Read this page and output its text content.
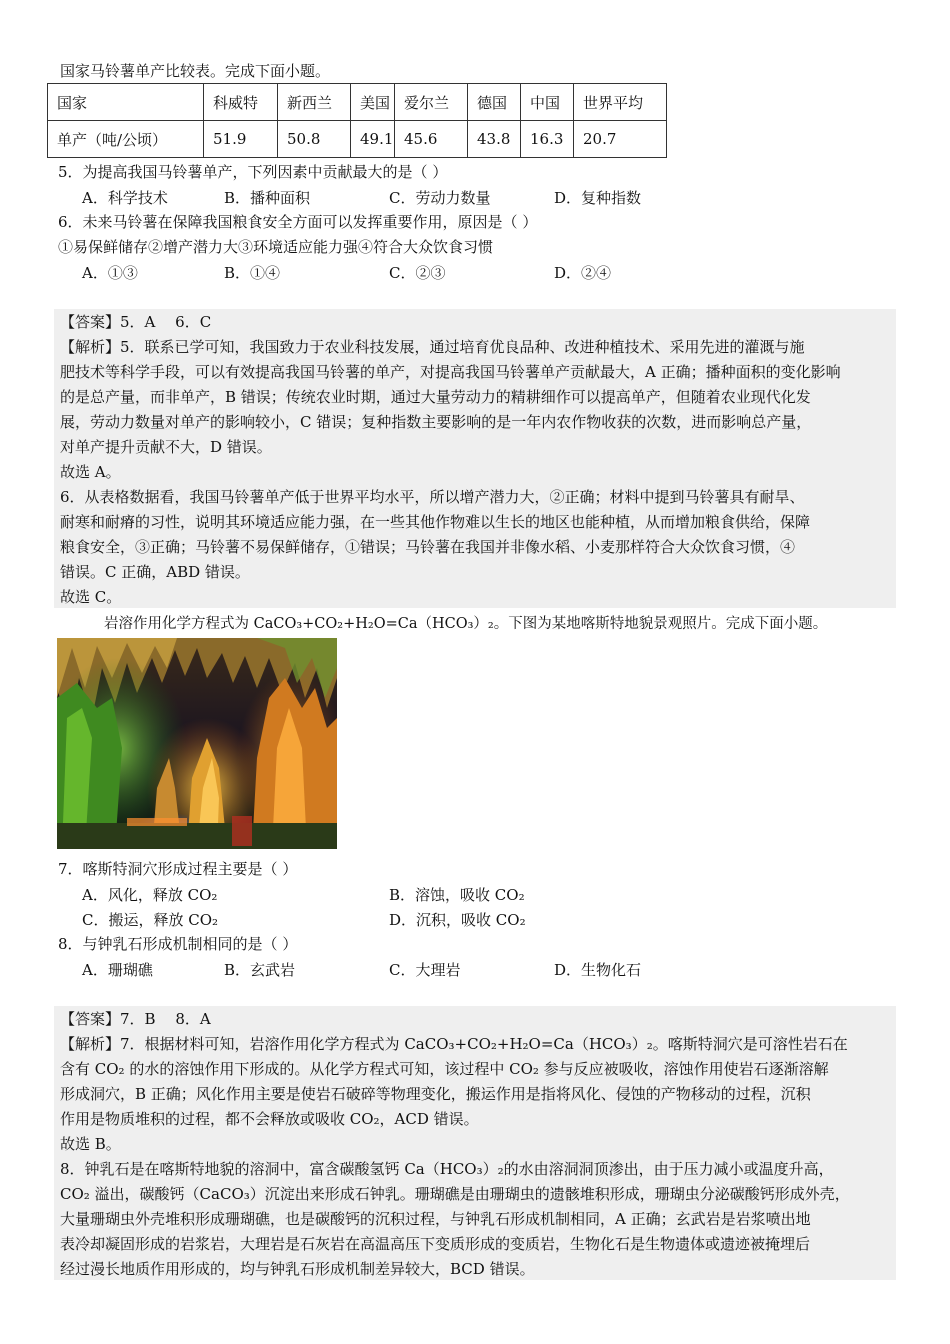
国家马铃薯单产比较表。完成下面小题。
国家	科威特	新西兰	美国	爱尔兰	德国	中国	世界平均
单产（吨/公顷）	51.9	50.8	49.1	45.6	43.8	16.3	20.7
5．为提高我国马铃薯单产，下列因素中贡献最大的是（ ）
A．科学技术	B．播种面积	C．劳动力数量	D．复种指数
6．未来马铃薯在保障我国粮食安全方面可以发挥重要作用，原因是（ ）
①易保鲜储存②增产潜力大③环境适应能力强④符合大众饮食习惯
A．①③	B．①④	C．②③	D．②④
【答案】5．A　 6．C
【解析】5．联系已学可知，我国致力于农业科技发展，通过培育优良品种、改进种植技术、采用先进的灌溉与施
肥技术等科学手段，可以有效提高我国马铃薯的单产，对提高我国马铃薯单产贡献最大，A 正确；播种面积的变化影响
的是总产量，而非单产，B 错误；传统农业时期，通过大量劳动力的精耕细作可以提高单产，但随着农业现代化发
展，劳动力数量对单产的影响较小，C 错误；复种指数主要影响的是一年内农作物收获的次数，进而影响总产量，
对单产提升贡献不大，D 错误。
故选 A。
6．从表格数据看，我国马铃薯单产低于世界平均水平，所以增产潜力大，②正确；材料中提到马铃薯具有耐旱、
耐寒和耐瘠的习性，说明其环境适应能力强，在一些其他作物难以生长的地区也能种植，从而增加粮食供给，保障
粮食安全，③正确；马铃薯不易保鲜储存，①错误；马铃薯在我国并非像水稻、小麦那样符合大众饮食习惯，④
错误。C 正确，ABD 错误。
故选 C。
岩溶作用化学方程式为 CaCO₃+CO₂+H₂O=Ca（HCO₃）₂。下图为某地喀斯特地貌景观照片。完成下面小题。
7．喀斯特洞穴形成过程主要是（ ）
A．风化，释放 CO₂	B．溶蚀，吸收 CO₂
C．搬运，释放 CO₂	D．沉积，吸收 CO₂
8．与钟乳石形成机制相同的是（ ）
A．珊瑚礁	B．玄武岩	C．大理岩	D．生物化石
【答案】7．B　 8．A
【解析】7．根据材料可知，岩溶作用化学方程式为 CaCO₃+CO₂+H₂O=Ca（HCO₃）₂。喀斯特洞穴是可溶性岩石在
含有 CO₂ 的水的溶蚀作用下形成的。从化学方程式可知，该过程中 CO₂ 参与反应被吸收，溶蚀作用使岩石逐渐溶解
形成洞穴，B 正确；风化作用主要是使岩石破碎等物理变化，搬运作用是指将风化、侵蚀的产物移动的过程，沉积
作用是物质堆积的过程，都不会释放或吸收 CO₂，ACD 错误。
故选 B。
8．钟乳石是在喀斯特地貌的溶洞中，富含碳酸氢钙 Ca（HCO₃）₂的水由溶洞洞顶渗出，由于压力减小或温度升高，
CO₂ 溢出，碳酸钙（CaCO₃）沉淀出来形成石钟乳。珊瑚礁是由珊瑚虫的遗骸堆积形成，珊瑚虫分泌碳酸钙形成外壳，
大量珊瑚虫外壳堆积形成珊瑚礁，也是碳酸钙的沉积过程，与钟乳石形成机制相同，A 正确；玄武岩是岩浆喷出地
表冷却凝固形成的岩浆岩，大理岩是石灰岩在高温高压下变质形成的变质岩，生物化石是生物遗体或遗迹被掩埋后
经过漫长地质作用形成的，均与钟乳石形成机制差异较大，BCD 错误。
